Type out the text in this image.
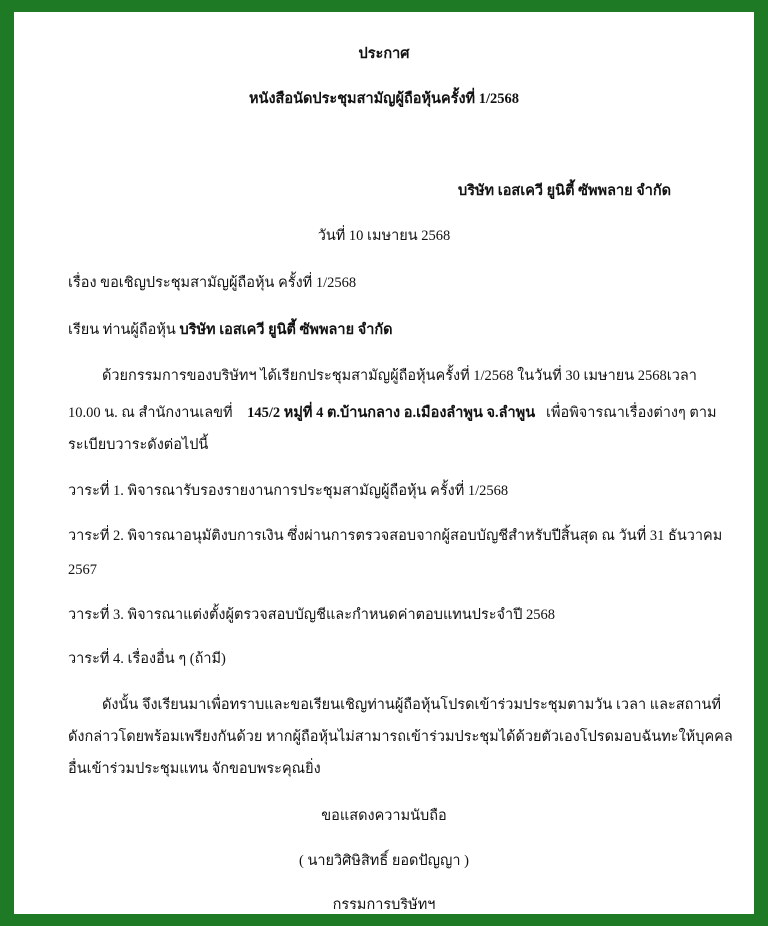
ประกาศ
หนังสือนัดประชุมสามัญผู้ถือหุ้นครั้งที่ 1/2568
บริษัท เอสเควี ยูนิตี้ ซัพพลาย จำกัด
วันที่ 10 เมษายน 2568
เรื่อง ขอเชิญประชุมสามัญผู้ถือหุ้น ครั้งที่ 1/2568
เรียน ท่านผู้ถือหุ้น บริษัท เอสเควี ยูนิตี้ ซัพพลาย จำกัด
ด้วยกรรมการของบริษัทฯ ได้เรียกประชุมสามัญผู้ถือหุ้นครั้งที่ 1/2568 ในวันที่ 30 เมษายน 2568เวลา
10.00 น. ณ สำนักงานเลขที่ 145/2 หมู่ที่ 4 ต.บ้านกลาง อ.เมืองลำพูน จ.ลำพูน เพื่อพิจารณาเรื่องต่างๆ ตาม
ระเบียบวาระดังต่อไปนี้
วาระที่ 1. พิจารณารับรองรายงานการประชุมสามัญผู้ถือหุ้น ครั้งที่ 1/2568
วาระที่ 2. พิจารณาอนุมัติงบการเงิน ซึ่งผ่านการตรวจสอบจากผู้สอบบัญชีสำหรับปีสิ้นสุด ณ วันที่ 31 ธันวาคม
2567
วาระที่ 3. พิจารณาแต่งตั้งผู้ตรวจสอบบัญชีและกำหนดค่าตอบแทนประจำปี 2568
วาระที่ 4. เรื่องอื่น ๆ (ถ้ามี)
ดังนั้น จึงเรียนมาเพื่อทราบและขอเรียนเชิญท่านผู้ถือหุ้นโปรดเข้าร่วมประชุมตามวัน เวลา และสถานที่
ดังกล่าวโดยพร้อมเพรียงกันด้วย หากผู้ถือหุ้นไม่สามารถเข้าร่วมประชุมได้ด้วยตัวเองโปรดมอบฉันทะให้บุคคล
อื่นเข้าร่วมประชุมแทน จักขอบพระคุณยิ่ง
ขอแสดงความนับถือ
( นายวิศิษิสิทธิ์ ยอดปัญญา )
กรรมการบริษัทฯ
